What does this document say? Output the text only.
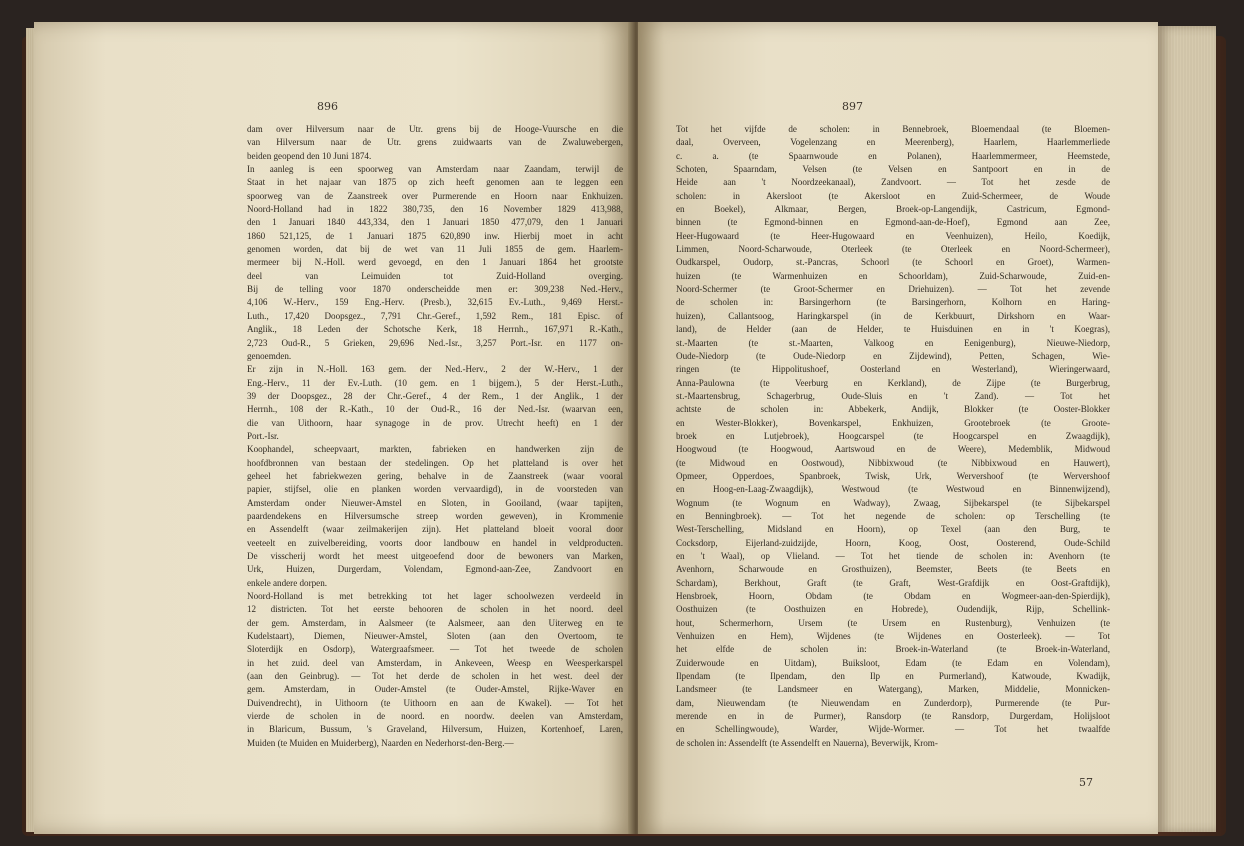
896
dam over Hilversum naar de Utr. grens bij de Hooge-Vuursche en die
van Hilversum naar de Utr. grens zuidwaarts van de Zwaluwebergen,
beiden geopend den 10 Juni 1874.
In aanleg is een spoorweg van Amsterdam naar Zaandam, terwijl de
Staat in het najaar van 1875 op zich heeft genomen aan te leggen een
spoorweg van de Zaanstreek over Purmerende en Hoorn naar Enkhuizen.
Noord-Holland had in 1822 380,735, den 16 November 1829 413,988,
den 1 Januari 1840 443,334, den 1 Januari 1850 477,079, den 1 Januari
1860 521,125, de 1 Januari 1875 620,890 inw. Hierbij moet in acht
genomen worden, dat bij de wet van 11 Juli 1855 de gem. Haarlem-
mermeer bij N.-Holl. werd gevoegd, en den 1 Januari 1864 het grootste
deel van Leimuiden tot Zuid-Holland overging.
Bij de telling voor 1870 onderscheidde men er: 309,238 Ned.-Herv.,
4,106 W.-Herv., 159 Eng.-Herv. (Presb.), 32,615 Ev.-Luth., 9,469 Herst.-
Luth., 17,420 Doopsgez., 7,791 Chr.-Geref., 1,592 Rem., 181 Episc. of
Anglik., 18 Leden der Schotsche Kerk, 18 Herrnh., 167,971 R.-Kath.,
2,723 Oud-R., 5 Grieken, 29,696 Ned.-Isr., 3,257 Port.-Isr. en 1177 on-
genoemden.
Er zijn in N.-Holl. 163 gem. der Ned.-Herv., 2 der W.-Herv., 1 der
Eng.-Herv., 11 der Ev.-Luth. (10 gem. en 1 bijgem.), 5 der Herst.-Luth.,
39 der Doopsgez., 28 der Chr.-Geref., 4 der Rem., 1 der Anglik., 1 der
Herrnh., 108 der R.-Kath., 10 der Oud-R., 16 der Ned.-Isr. (waarvan een,
die van Uithoorn, haar synagoge in de prov. Utrecht heeft) en 1 der
Port.-Isr.
Koophandel, scheepvaart, markten, fabrieken en handwerken zijn de
hoofdbronnen van bestaan der stedelingen. Op het platteland is over het
geheel het fabriekwezen gering, behalve in de Zaanstreek (waar vooral
papier, stijfsel, olie en planken worden vervaardigd), in de voorsteden van
Amsterdam onder Nieuwer-Amstel en Sloten, in Gooiland, (waar tapijten,
paardendekens en Hilversumsche streep worden geweven), in Krommenie
en Assendelft (waar zeilmakerijen zijn). Het platteland bloeit vooral door
veeteelt en zuivelbereiding, voorts door landbouw en handel in veldproducten.
De visscherij wordt het meest uitgeoefend door de bewoners van Marken,
Urk, Huizen, Durgerdam, Volendam, Egmond-aan-Zee, Zandvoort en
enkele andere dorpen.
Noord-Holland is met betrekking tot het lager schoolwezen verdeeld in
12 districten. Tot het eerste behooren de scholen in het noord. deel
der gem. Amsterdam, in Aalsmeer (te Aalsmeer, aan den Uiterweg en te
Kudelstaart), Diemen, Nieuwer-Amstel, Sloten (aan den Overtoom, te
Sloterdijk en Osdorp), Watergraafsmeer. — Tot het tweede de scholen
in het zuid. deel van Amsterdam, in Ankeveen, Weesp en Weesperkarspel
(aan den Geinbrug). — Tot het derde de scholen in het west. deel der
gem. Amsterdam, in Ouder-Amstel (te Ouder-Amstel, Rijke-Waver en
Duivendrecht), in Uithoorn (te Uithoorn en aan de Kwakel). — Tot het
vierde de scholen in de noord. en noordw. deelen van Amsterdam,
in Blaricum, Bussum, 's Graveland, Hilversum, Huizen, Kortenhoef, Laren,
Muiden (te Muiden en Muiderberg), Naarden en Nederhorst-den-Berg.—
897
Tot het vijfde de scholen: in Bennebroek, Bloemendaal (te Bloemen-
daal, Overveen, Vogelenzang en Meerenberg), Haarlem, Haarlemmerliede
c. a. (te Spaarnwoude en Polanen), Haarlemmermeer, Heemstede,
Schoten, Spaarndam, Velsen (te Velsen en Santpoort en in de
Heide aan 't Noordzeekanaal), Zandvoort. — Tot het zesde de
scholen: in Akersloot (te Akersloot en Zuid-Schermeer, de Woude
en Boekel), Alkmaar, Bergen, Broek-op-Langendijk, Castricum, Egmond-
binnen (te Egmond-binnen en Egmond-aan-de-Hoef), Egmond aan Zee,
Heer-Hugowaard (te Heer-Hugowaard en Veenhuizen), Heilo, Koedijk,
Limmen, Noord-Scharwoude, Oterleek (te Oterleek en Noord-Schermeer),
Oudkarspel, Oudorp, st.-Pancras, Schoorl (te Schoorl en Groet), Warmen-
huizen (te Warmenhuizen en Schoorldam), Zuid-Scharwoude, Zuid-en-
Noord-Schermer (te Groot-Schermer en Driehuizen). — Tot het zevende
de scholen in: Barsingerhorn (te Barsingerhorn, Kolhorn en Haring-
huizen), Callantsoog, Haringkarspel (in de Kerkbuurt, Dirkshorn en Waar-
land), de Helder (aan de Helder, te Huisduinen en in 't Koegras),
st.-Maarten (te st.-Maarten, Valkoog en Eenigenburg), Nieuwe-Niedorp,
Oude-Niedorp (te Oude-Niedorp en Zijdewind), Petten, Schagen, Wie-
ringen (te Hippolitushoef, Oosterland en Westerland), Wieringerwaard,
Anna-Paulowna (te Veerburg en Kerkland), de Zijpe (te Burgerbrug,
st.-Maartensbrug, Schagerbrug, Oude-Sluis en 't Zand). — Tot het
achtste de scholen in: Abbekerk, Andijk, Blokker (te Ooster-Blokker
en Wester-Blokker), Bovenkarspel, Enkhuizen, Grootebroek (te Groote-
broek en Lutjebroek), Hoogcarspel (te Hoogcarspel en Zwaagdijk),
Hoogwoud (te Hoogwoud, Aartswoud en de Weere), Medemblik, Midwoud
(te Midwoud en Oostwoud), Nibbixwoud (te Nibbixwoud en Hauwert),
Opmeer, Opperdoes, Spanbroek, Twisk, Urk, Wervershoof (te Wervershoof
en Hoog-en-Laag-Zwaagdijk), Westwoud (te Westwoud en Binnenwijzend),
Wognum (te Wognum en Wadway), Zwaag, Sijbekarspel (te Sijbekarspel
en Benningbroek). — Tot het negende de scholen: op Terschelling (te
West-Terschelling, Midsland en Hoorn), op Texel (aan den Burg, te
Cocksdorp, Eijerland-zuidzijde, Hoorn, Koog, Oost, Oosterend, Oude-Schild
en 't Waal), op Vlieland. — Tot het tiende de scholen in: Avenhorn (te
Avenhorn, Scharwoude en Grosthuizen), Beemster, Beets (te Beets en
Schardam), Berkhout, Graft (te Graft, West-Grafdijk en Oost-Graftdijk),
Hensbroek, Hoorn, Obdam (te Obdam en Wogmeer-aan-den-Spierdijk),
Oosthuizen (te Oosthuizen en Hobrede), Oudendijk, Rijp, Schellink-
hout, Schermerhorn, Ursem (te Ursem en Rustenburg), Venhuizen (te
Venhuizen en Hem), Wijdenes (te Wijdenes en Oosterleek). — Tot
het elfde de scholen in: Broek-in-Waterland (te Broek-in-Waterland,
Zuiderwoude en Uitdam), Buiksloot, Edam (te Edam en Volendam),
Ilpendam (te Ilpendam, den Ilp en Purmerland), Katwoude, Kwadijk,
Landsmeer (te Landsmeer en Watergang), Marken, Middelie, Monnicken-
dam, Nieuwendam (te Nieuwendam en Zunderdorp), Purmerende (te Pur-
merende en in de Purmer), Ransdorp (te Ransdorp, Durgerdam, Holijsloot
en Schellingwoude), Warder, Wijde-Wormer. — Tot het twaalfde
de scholen in: Assendelft (te Assendelft en Nauerna), Beverwijk, Krom-
57
